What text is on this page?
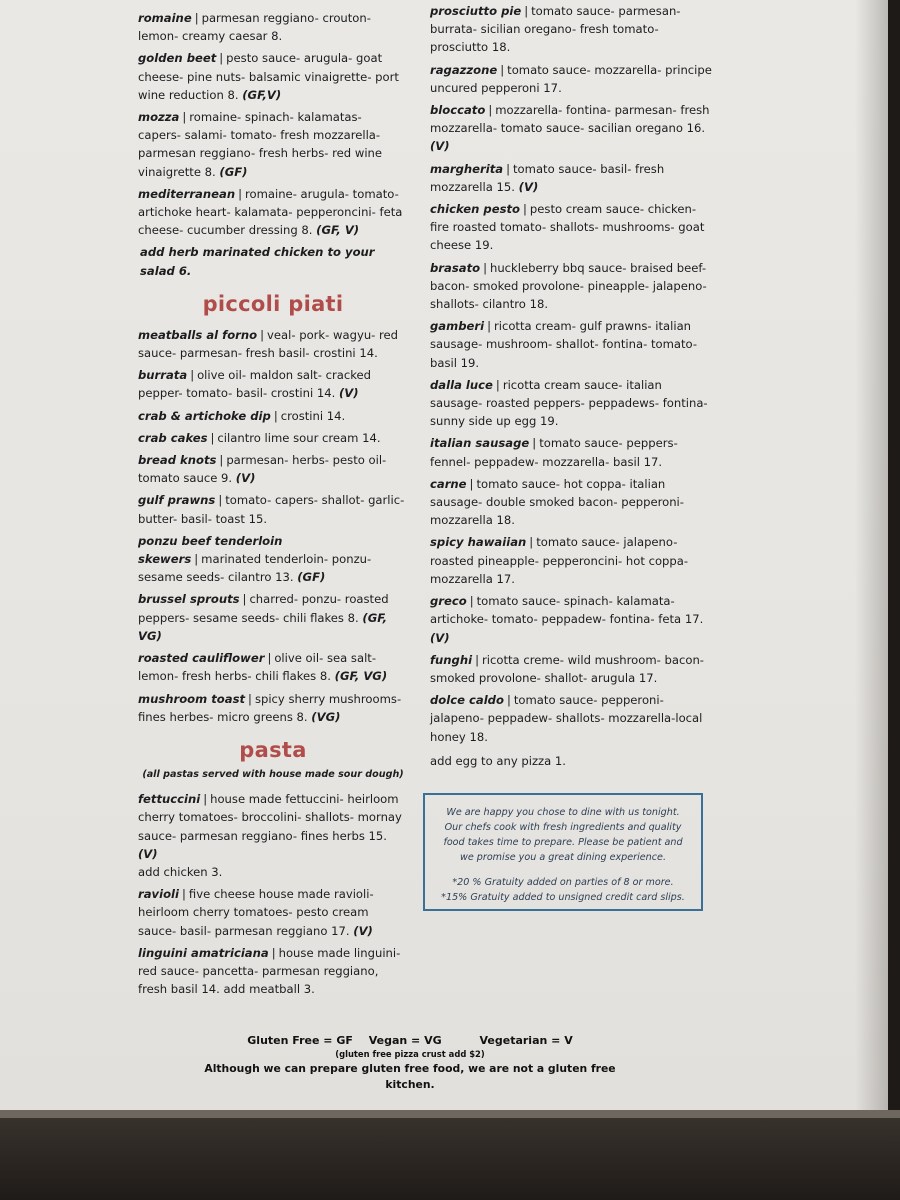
romaine | parmesan reggiano- crouton- lemon- creamy caesar 8.
golden beet | pesto sauce- arugula- goat cheese- pine nuts- balsamic vinaigrette- port wine reduction 8. (GF,V)
mozza | romaine- spinach- kalamatas- capers- salami- tomato- fresh mozzarella- parmesan reggiano- fresh herbs- red wine vinaigrette 8. (GF)
mediterranean | romaine- arugula- tomato- artichoke heart- kalamata- pepperoncini- feta cheese- cucumber dressing 8. (GF, V)
add herb marinated chicken to your salad 6.
piccoli piati
meatballs al forno | veal- pork- wagyu- red sauce- parmesan- fresh basil- crostini 14.
burrata | olive oil- maldon salt- cracked pepper- tomato- basil- crostini 14. (V)
crab & artichoke dip | crostini 14.
crab cakes | cilantro lime sour cream 14.
bread knots | parmesan- herbs- pesto oil- tomato sauce 9. (V)
gulf prawns | tomato- capers- shallot- garlic- butter- basil- toast 15.
ponzu beef tenderloin skewers | marinated tenderloin- ponzu- sesame seeds- cilantro 13. (GF)
brussel sprouts | charred- ponzu- roasted peppers- sesame seeds- chili flakes 8. (GF, VG)
roasted cauliflower | olive oil- sea salt- lemon- fresh herbs- chili flakes 8. (GF, VG)
mushroom toast | spicy sherry mushrooms- fines herbes- micro greens 8. (VG)
pasta
(all pastas served with house made sour dough)
fettuccini | house made fettuccini- heirloom cherry tomatoes- broccolini- shallots- mornay sauce- parmesan reggiano- fines herbs 15. (V)
add chicken 3.
ravioli | five cheese house made ravioli- heirloom cherry tomatoes- pesto cream sauce- basil- parmesan reggiano 17. (V)
linguini amatriciana | house made linguini- red sauce- pancetta- parmesan reggiano, fresh basil 14. add meatball 3.
prosciutto pie | tomato sauce- parmesan- burrata- sicilian oregano- fresh tomato- prosciutto 18.
ragazzone | tomato sauce- mozzarella- principe uncured pepperoni 17.
bloccato | mozzarella- fontina- parmesan- fresh mozzarella- tomato sauce- sacilian oregano 16. (V)
margherita | tomato sauce- basil- fresh mozzarella 15. (V)
chicken pesto | pesto cream sauce- chicken- fire roasted tomato- shallots- mushrooms- goat cheese 19.
brasato | huckleberry bbq sauce- braised beef- bacon- smoked provolone- pineapple- jalapeno- shallots- cilantro 18.
gamberi | ricotta cream- gulf prawns- italian sausage- mushroom- shallot- fontina- tomato- basil 19.
dalla luce | ricotta cream sauce- italian sausage- roasted peppers- peppadews- fontina- sunny side up egg 19.
italian sausage | tomato sauce- peppers- fennel- peppadew- mozzarella- basil 17.
carne | tomato sauce- hot coppa- italian sausage- double smoked bacon- pepperoni- mozzarella 18.
spicy hawaiian | tomato sauce- jalapeno- roasted pineapple- pepperoncini- hot coppa- mozzarella 17.
greco | tomato sauce- spinach- kalamata- artichoke- tomato- peppadew- fontina- feta 17. (V)
funghi | ricotta creme- wild mushroom- bacon- smoked provolone- shallot- arugula 17.
dolce caldo | tomato sauce- pepperoni- jalapeno- peppadew- shallots- mozzarella-local honey 18.
add egg to any pizza 1.

We are happy you chose to dine with us tonight. Our chefs cook with fresh ingredients and quality food takes time to prepare. Please be patient and we promise you a great dining experience.

*20 % Gratuity added on parties of 8 or more.
*15% Gratuity added to unsigned credit card slips.
Gluten Free = GF Vegan = VG	Vegetarian = V
(gluten free pizza crust add $2)
Although we can prepare gluten free food, we are not a gluten free kitchen.
